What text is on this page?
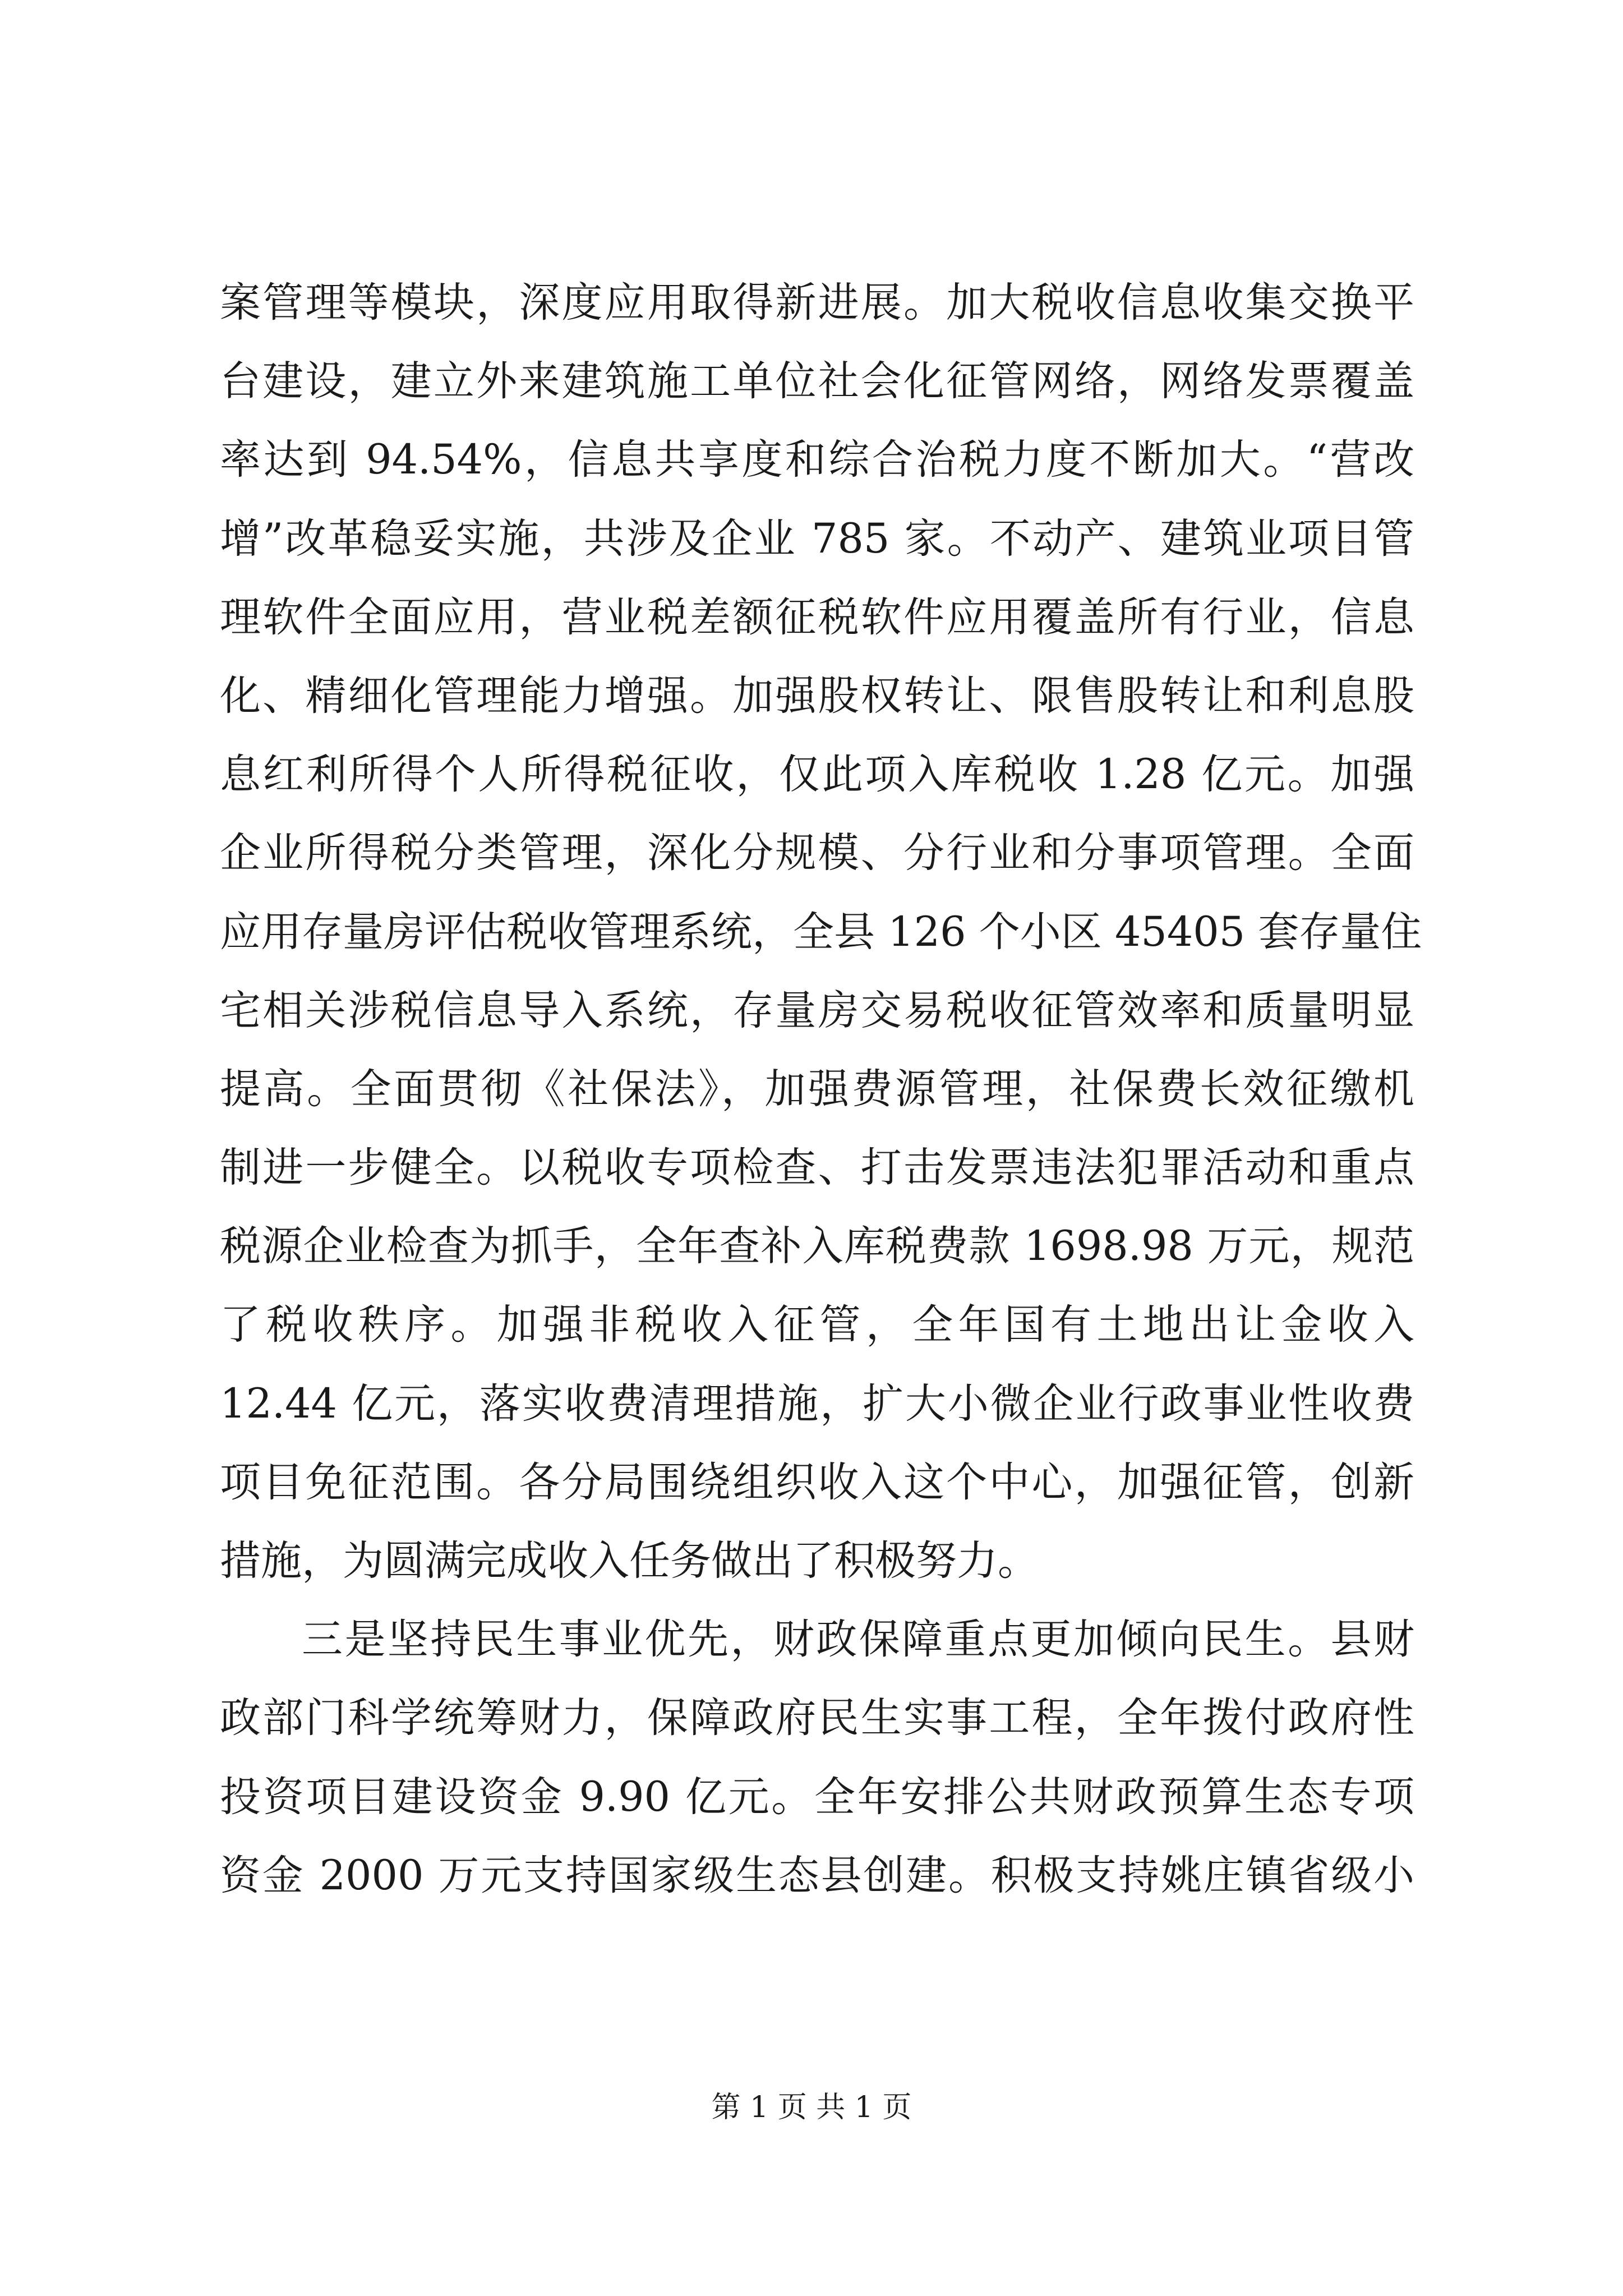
案管理等模块，深度应用取得新进展。加大税收信息收集交换平
台建设，建立外来建筑施工单位社会化征管网络，网络发票覆盖
率达到 94.54%，信息共享度和综合治税力度不断加大。“营改
增”改革稳妥实施，共涉及企业 785 家。不动产、建筑业项目管
理软件全面应用，营业税差额征税软件应用覆盖所有行业，信息
化、精细化管理能力增强。加强股权转让、限售股转让和利息股
息红利所得个人所得税征收，仅此项入库税收 1.28 亿元。加强
企业所得税分类管理，深化分规模、分行业和分事项管理。全面
应用存量房评估税收管理系统，全县 126 个小区 45405 套存量住
宅相关涉税信息导入系统，存量房交易税收征管效率和质量明显
提高。全面贯彻《社保法》，加强费源管理，社保费长效征缴机
制进一步健全。以税收专项检查、打击发票违法犯罪活动和重点
税源企业检查为抓手，全年查补入库税费款 1698.98 万元，规范
了税收秩序。加强非税收入征管，全年国有土地出让金收入
12.44 亿元，落实收费清理措施，扩大小微企业行政事业性收费
项目免征范围。各分局围绕组织收入这个中心，加强征管，创新
措施，为圆满完成收入任务做出了积极努力。
三是坚持民生事业优先，财政保障重点更加倾向民生。县财
政部门科学统筹财力，保障政府民生实事工程，全年拨付政府性
投资项目建设资金 9.90 亿元。全年安排公共财政预算生态专项
资金 2000 万元支持国家级生态县创建。积极支持姚庄镇省级小
第 1 页 共 1 页
